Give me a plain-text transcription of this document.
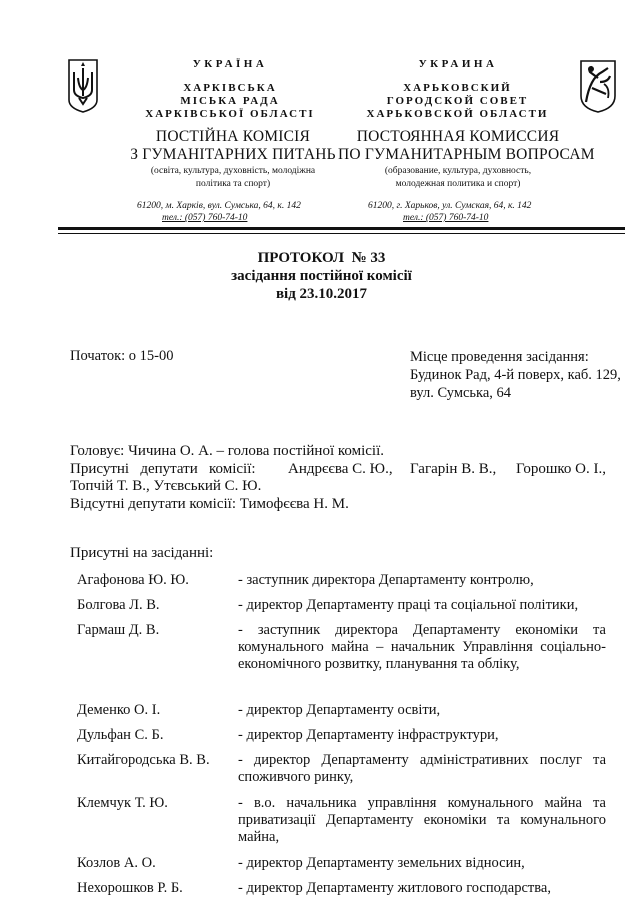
УКРАЇНА
ХАРКІВСЬКА
МІСЬКА РАДА
ХАРКІВСЬКОЇ ОБЛАСТІ
ПОСТІЙНА КОМІСІЯ
З ГУМАНІТАРНИХ ПИТАНЬ
(освіта, культура, духовність, молодіжна
політика та спорт)
61200, м. Харків, вул. Сумська, 64, к. 142
тел.: (057) 760-74-10
УКРАИНА
ХАРЬКОВСКИЙ
ГОРОДСКОЙ СОВЕТ
ХАРЬКОВСКОЙ ОБЛАСТИ
ПОСТОЯННАЯ КОМИССИЯ
ПО ГУМАНИТАРНЫМ ВОПРОСАМ
(образование, культура, духовность,
молодежная политика и спорт)
61200, г. Харьков, ул. Сумская, 64, к. 142
тел.: (057) 760-74-10
ПРОТОКОЛ  № 33
засідання постійної комісії
від 23.10.2017
Початок: о 15-00	Місце проведення засідання:
Будинок Рад, 4-й поверх, каб. 129,
вул. Сумська, 64
Головує: Чичина О. А. – голова постійної комісії.
Присутні   депутати   комісії: Андрєєва С. Ю., Гагарін В. В., Горошко О. І.,
Топчій Т. В., Утєвський С. Ю.
Відсутні депутати комісії: Тимофєєва Н. М.
Присутні на засіданні:
Агафонова Ю. Ю.	- заступник директора Департаменту контролю,
Болгова Л. В.	- директор Департаменту праці та соціальної політики,
Гармаш Д. В.	- заступник директора Департаменту економіки та комунального майна – начальник Управління соціально-економічного розвитку, планування та обліку,
Деменко О. І.	- директор Департаменту освіти,
Дульфан С. Б.	- директор Департаменту інфраструктури,
Китайгородська В. В. - директор Департаменту адміністративних послуг та споживчого ринку,
Клемчук Т. Ю.	- в.о. начальника управління комунального майна та приватизації Департаменту економіки та комунального майна,
Козлов А. О.	- директор Департаменту земельних відносин,
Нехорошков Р. Б.	- директор Департаменту житлового господарства,
